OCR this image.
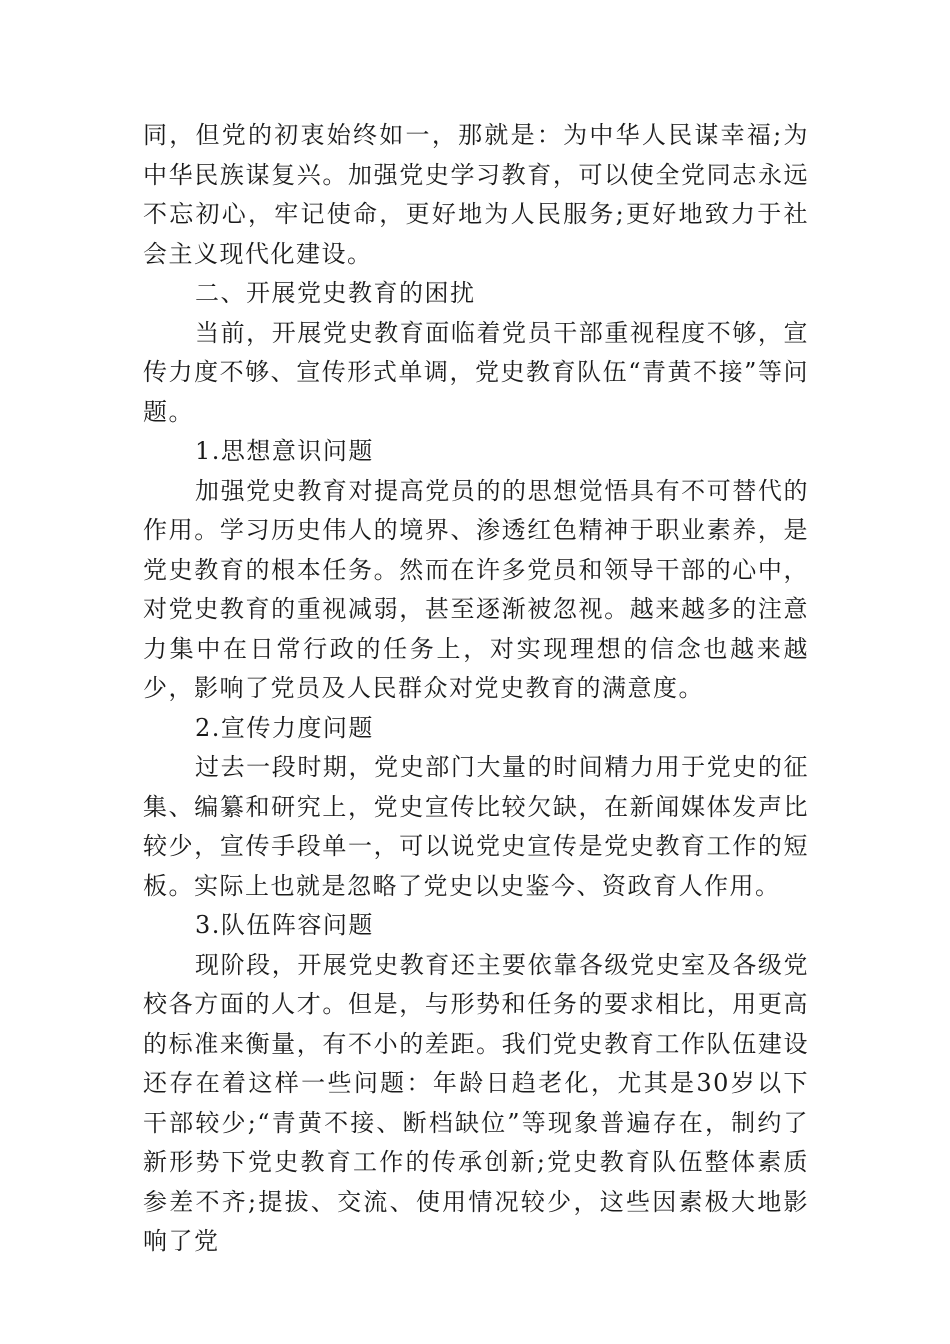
同，但党的初衷始终如一，那就是：为中华人民谋幸福;为中华民族谋复兴。加强党史学习教育，可以使全党同志永远不忘初心，牢记使命，更好地为人民服务;更好地致力于社会主义现代化建设。

二、开展党史教育的困扰

当前，开展党史教育面临着党员干部重视程度不够，宣传力度不够、宣传形式单调，党史教育队伍“青黄不接”等问题。

1.思想意识问题

加强党史教育对提高党员的的思想觉悟具有不可替代的作用。学习历史伟人的境界、渗透红色精神于职业素养，是党史教育的根本任务。然而在许多党员和领导干部的心中，对党史教育的重视减弱，甚至逐渐被忽视。越来越多的注意力集中在日常行政的任务上，对实现理想的信念也越来越少，影响了党员及人民群众对党史教育的满意度。

2.宣传力度问题

过去一段时期，党史部门大量的时间精力用于党史的征集、编纂和研究上，党史宣传比较欠缺，在新闻媒体发声比较少，宣传手段单一，可以说党史宣传是党史教育工作的短板。实际上也就是忽略了党史以史鉴今、资政育人作用。

3.队伍阵容问题

现阶段，开展党史教育还主要依靠各级党史室及各级党校各方面的人才。但是，与形势和任务的要求相比，用更高的标准来衡量，有不小的差距。我们党史教育工作队伍建设还存在着这样一些问题：年龄日趋老化，尤其是30岁以下干部较少;“青黄不接、断档缺位”等现象普遍存在，制约了新形势下党史教育工作的传承创新;党史教育队伍整体素质参差不齐;提拔、交流、使用情况较少，这些因素极大地影响了党
